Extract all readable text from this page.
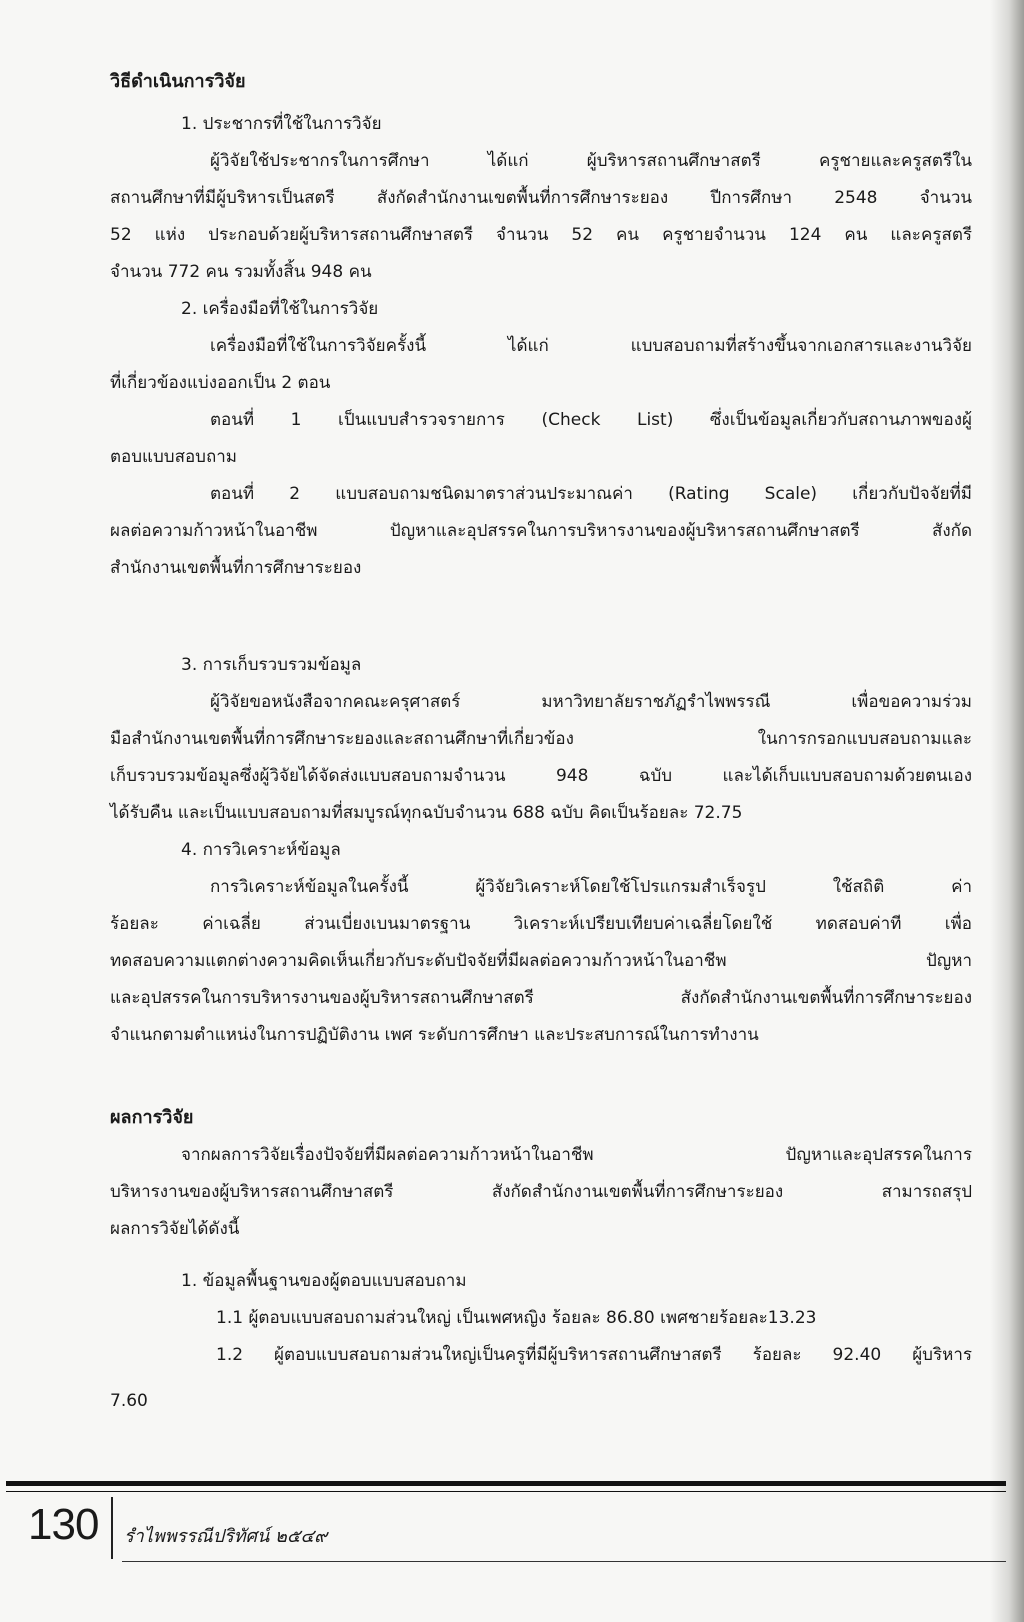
วิธีดำเนินการวิจัย
1. ประชากรที่ใช้ในการวิจัย
ผู้วิจัยใช้ประชากรในการศึกษา ได้แก่ ผู้บริหารสถานศึกษาสตรี ครูชายและครูสตรีใน
สถานศึกษาที่มีผู้บริหารเป็นสตรี สังกัดสำนักงานเขตพื้นที่การศึกษาระยอง ปีการศึกษา 2548 จำนวน
52 แห่ง ประกอบด้วยผู้บริหารสถานศึกษาสตรี จำนวน 52 คน ครูชายจำนวน 124 คน และครูสตรี
จำนวน 772 คน รวมทั้งสิ้น 948 คน
2. เครื่องมือที่ใช้ในการวิจัย
เครื่องมือที่ใช้ในการวิจัยครั้งนี้ ได้แก่ แบบสอบถามที่สร้างขึ้นจากเอกสารและงานวิจัย
ที่เกี่ยวข้องแบ่งออกเป็น 2 ตอน
ตอนที่ 1 เป็นแบบสำรวจรายการ (Check List) ซึ่งเป็นข้อมูลเกี่ยวกับสถานภาพของผู้
ตอบแบบสอบถาม
ตอนที่ 2 แบบสอบถามชนิดมาตราส่วนประมาณค่า (Rating Scale) เกี่ยวกับปัจจัยที่มี
ผลต่อความก้าวหน้าในอาชีพ ปัญหาและอุปสรรคในการบริหารงานของผู้บริหารสถานศึกษาสตรี สังกัด
สำนักงานเขตพื้นที่การศึกษาระยอง
3. การเก็บรวบรวมข้อมูล
ผู้วิจัยขอหนังสือจากคณะครุศาสตร์ มหาวิทยาลัยราชภัฏรำไพพรรณี เพื่อขอความร่วม
มือสำนักงานเขตพื้นที่การศึกษาระยองและสถานศึกษาที่เกี่ยวข้อง ในการกรอกแบบสอบถามและ
เก็บรวบรวมข้อมูลซึ่งผู้วิจัยได้จัดส่งแบบสอบถามจำนวน 948 ฉบับ และได้เก็บแบบสอบถามด้วยตนเอง
ได้รับคืน และเป็นแบบสอบถามที่สมบูรณ์ทุกฉบับจำนวน 688 ฉบับ คิดเป็นร้อยละ 72.75
4. การวิเคราะห์ข้อมูล
การวิเคราะห์ข้อมูลในครั้งนี้ ผู้วิจัยวิเคราะห์โดยใช้โปรแกรมสำเร็จรูป ใช้สถิติ ค่า
ร้อยละ ค่าเฉลี่ย ส่วนเบี่ยงเบนมาตรฐาน วิเคราะห์เปรียบเทียบค่าเฉลี่ยโดยใช้ ทดสอบค่าที เพื่อ
ทดสอบความแตกต่างความคิดเห็นเกี่ยวกับระดับปัจจัยที่มีผลต่อความก้าวหน้าในอาชีพ ปัญหา
และอุปสรรคในการบริหารงานของผู้บริหารสถานศึกษาสตรี สังกัดสำนักงานเขตพื้นที่การศึกษาระยอง
จำแนกตามตำแหน่งในการปฏิบัติงาน เพศ ระดับการศึกษา และประสบการณ์ในการทำงาน
ผลการวิจัย
จากผลการวิจัยเรื่องปัจจัยที่มีผลต่อความก้าวหน้าในอาชีพ ปัญหาและอุปสรรคในการ
บริหารงานของผู้บริหารสถานศึกษาสตรี สังกัดสำนักงานเขตพื้นที่การศึกษาระยอง สามารถสรุป
ผลการวิจัยได้ดังนี้
1. ข้อมูลพื้นฐานของผู้ตอบแบบสอบถาม
1.1 ผู้ตอบแบบสอบถามส่วนใหญ่ เป็นเพศหญิง ร้อยละ 86.80 เพศชายร้อยละ13.23
1.2 ผู้ตอบแบบสอบถามส่วนใหญ่เป็นครูที่มีผู้บริหารสถานศึกษาสตรี ร้อยละ 92.40 ผู้บริหาร
7.60
130 รำไพพรรณีปริทัศน์ ๒๕๔๙
